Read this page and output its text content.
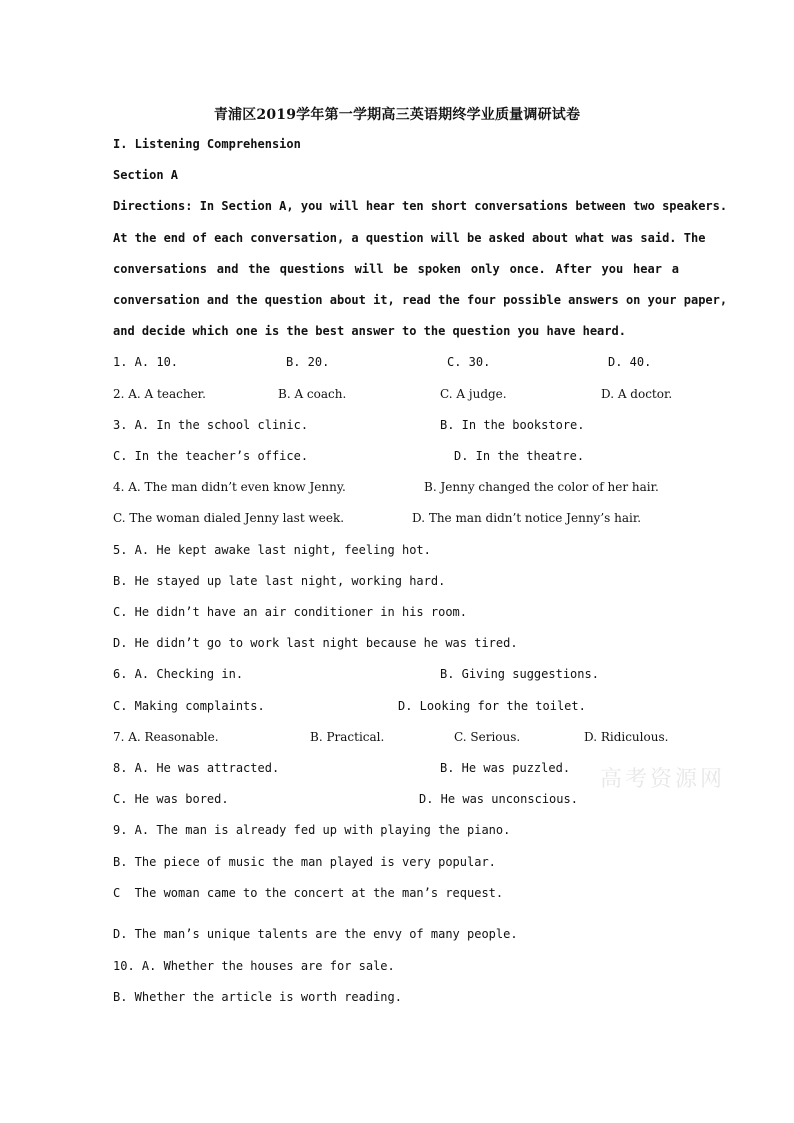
青浦区2019学年第一学期高三英语期终学业质量调研试卷
I. Listening Comprehension
Section A
Directions: In Section A, you will hear ten short conversations between two speakers.
At the end of each conversation, a question will be asked about what was said. The
conversations and the questions will be spoken only once. After you hear a
conversation and the question about it, read the four possible answers on your paper,
and decide which one is the best answer to the question you have heard.

1. A. 10.

	B. 20.

	C. 30.

	D. 40.

2. A. A teacher.

	B. A coach.

	C. A judge.

	D. A doctor.

3. A. In the school clinic.

	B. In the bookstore.

C. In the teacher’s office.

	D. In the theatre.

4. A. The man didn’t even know Jenny.

	B. Jenny changed the color of her hair.

C. The woman dialed Jenny last week.

	D. The man didn’t notice Jenny’s hair.

5. A. He kept awake last night, feeling hot.

B. He stayed up late last night, working hard.

C. He didn’t have an air conditioner in his room.

D. He didn’t go to work last night because he was tired.

6. A. Checking in.

	B. Giving suggestions.

C. Making complaints.

	D. Looking for the toilet.

7. A. Reasonable.

	B. Practical.

	C. Serious.

	D. Ridiculous.

8. A. He was attracted.

	B. He was puzzled.

C. He was bored.

	D. He was unconscious.

9. A. The man is already fed up with playing the piano.

B. The piece of music the man played is very popular.

C  The woman came to the concert at the man’s request.

D. The man’s unique talents are the envy of many people.

10. A. Whether the houses are for sale.

B. Whether the article is worth reading.

高考资源网
